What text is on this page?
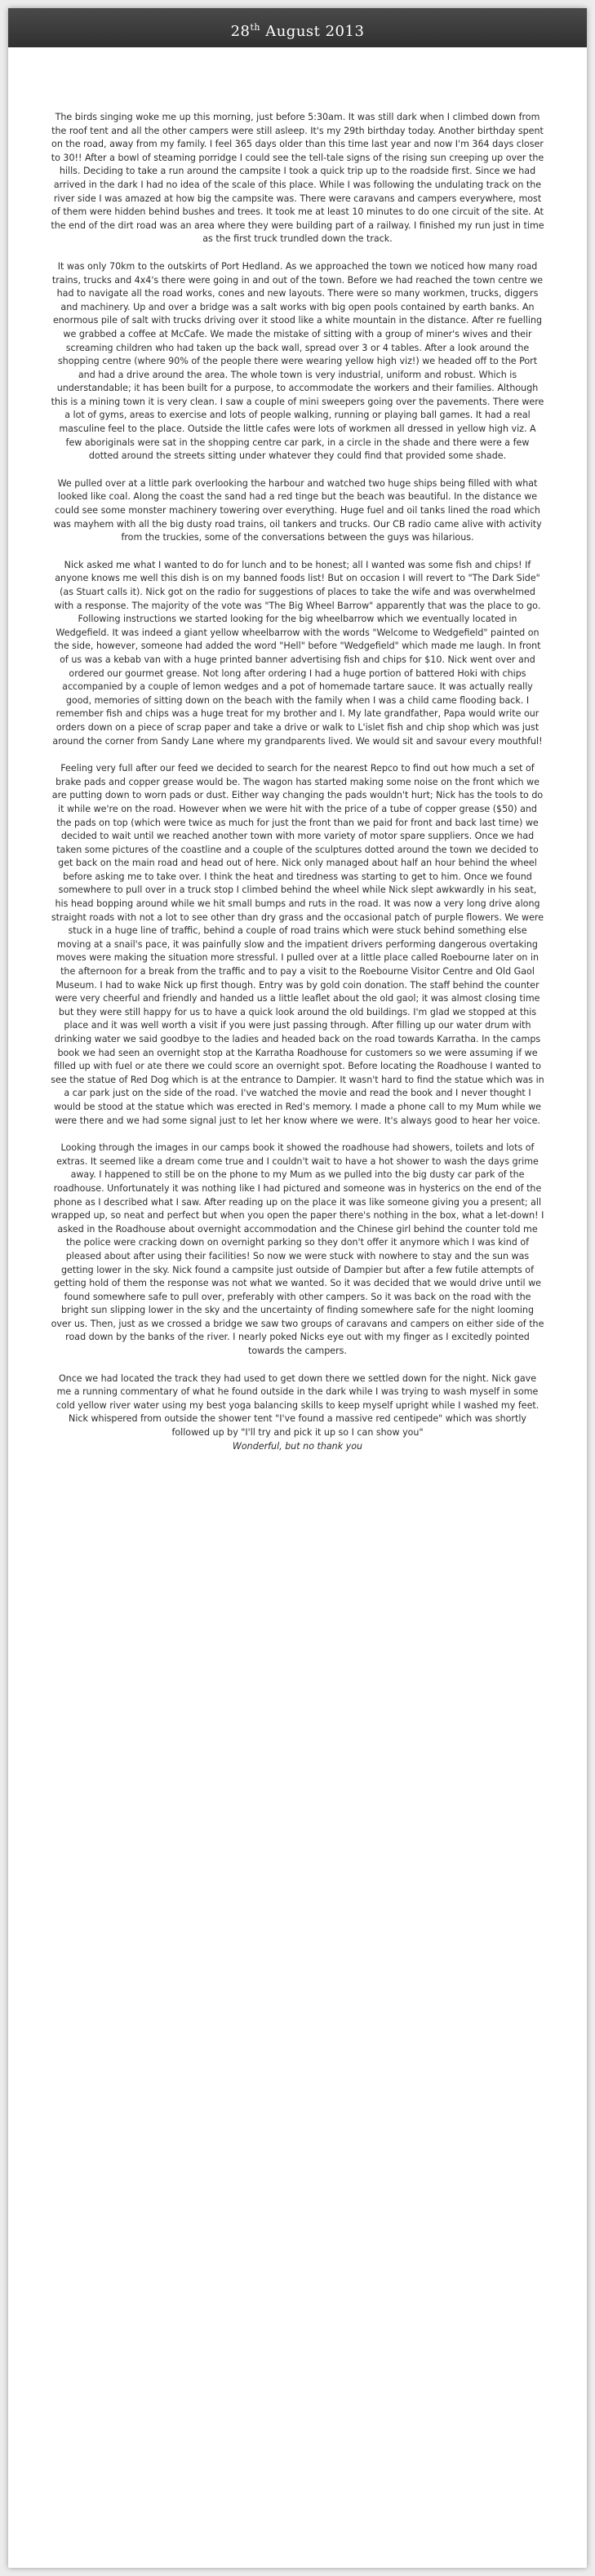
28th August 2013

The birds singing woke me up this morning, just before 5:30am. It was still dark when I climbed down from the roof tent and all the other campers were still asleep. It's my 29th birthday today. Another birthday spent on the road, away from my family. I feel 365 days older than this time last year and now I'm 364 days closer to 30!! After a bowl of steaming porridge I could see the tell-tale signs of the rising sun creeping up over the hills. Deciding to take a run around the campsite I took a quick trip up to the roadside first. Since we had arrived in the dark I had no idea of the scale of this place. While I was following the undulating track on the river side I was amazed at how big the campsite was. There were caravans and campers everywhere, most of them were hidden behind bushes and trees. It took me at least 10 minutes to do one circuit of the site. At the end of the dirt road was an area where they were building part of a railway. I finished my run just in time as the first truck trundled down the track.

It was only 70km to the outskirts of Port Hedland. As we approached the town we noticed how many road trains, trucks and 4x4's there were going in and out of the town. Before we had reached the town centre we had to navigate all the road works, cones and new layouts. There were so many workmen, trucks, diggers and machinery. Up and over a bridge was a salt works with big open pools contained by earth banks. An enormous pile of salt with trucks driving over it stood like a white mountain in the distance. After re fuelling we grabbed a coffee at McCafe. We made the mistake of sitting with a group of miner's wives and their screaming children who had taken up the back wall, spread over 3 or 4 tables. After a look around the shopping centre (where 90% of the people there were wearing yellow high viz!) we headed off to the Port and had a drive around the area. The whole town is very industrial, uniform and robust. Which is understandable; it has been built for a purpose, to accommodate the workers and their families. Although this is a mining town it is very clean. I saw a couple of mini sweepers going over the pavements. There were a lot of gyms, areas to exercise and lots of people walking, running or playing ball games. It had a real masculine feel to the place. Outside the little cafes were lots of workmen all dressed in yellow high viz. A few aboriginals were sat in the shopping centre car park, in a circle in the shade and there were a few dotted around the streets sitting under whatever they could find that provided some shade.

We pulled over at a little park overlooking the harbour and watched two huge ships being filled with what looked like coal. Along the coast the sand had a red tinge but the beach was beautiful. In the distance we could see some monster machinery towering over everything. Huge fuel and oil tanks lined the road which was mayhem with all the big dusty road trains, oil tankers and trucks. Our CB radio came alive with activity from the truckies, some of the conversations between the guys was hilarious.

Nick asked me what I wanted to do for lunch and to be honest; all I wanted was some fish and chips! If anyone knows me well this dish is on my banned foods list! But on occasion I will revert to "The Dark Side" (as Stuart calls it). Nick got on the radio for suggestions of places to take the wife and was overwhelmed with a response. The majority of the vote was "The Big Wheel Barrow" apparently that was the place to go. Following instructions we started looking for the big wheelbarrow which we eventually located in Wedgefield. It was indeed a giant yellow wheelbarrow with the words "Welcome to Wedgefield" painted on the side, however, someone had added the word "Hell" before "Wedgefield" which made me laugh. In front of us was a kebab van with a huge printed banner advertising fish and chips for $10. Nick went over and ordered our gourmet grease. Not long after ordering I had a huge portion of battered Hoki with chips accompanied by a couple of lemon wedges and a pot of homemade tartare sauce. It was actually really good, memories of sitting down on the beach with the family when I was a child came flooding back. I remember fish and chips was a huge treat for my brother and I. My late grandfather, Papa would write our orders down on a piece of scrap paper and take a drive or walk to L'islet fish and chip shop which was just around the corner from Sandy Lane where my grandparents lived. We would sit and savour every mouthful!

Feeling very full after our feed we decided to search for the nearest Repco to find out how much a set of brake pads and copper grease would be. The wagon has started making some noise on the front which we are putting down to worn pads or dust. Either way changing the pads wouldn't hurt; Nick has the tools to do it while we're on the road. However when we were hit with the price of a tube of copper grease ($50) and the pads on top (which were twice as much for just the front than we paid for front and back last time) we decided to wait until we reached another town with more variety of motor spare suppliers. Once we had taken some pictures of the coastline and a couple of the sculptures dotted around the town we decided to get back on the main road and head out of here. Nick only managed about half an hour behind the wheel before asking me to take over. I think the heat and tiredness was starting to get to him. Once we found somewhere to pull over in a truck stop I climbed behind the wheel while Nick slept awkwardly in his seat, his head bopping around while we hit small bumps and ruts in the road. It was now a very long drive along straight roads with not a lot to see other than dry grass and the occasional patch of purple flowers. We were stuck in a huge line of traffic, behind a couple of road trains which were stuck behind something else moving at a snail's pace, it was painfully slow and the impatient drivers performing dangerous overtaking moves were making the situation more stressful. I pulled over at a little place called Roebourne later on in the afternoon for a break from the traffic and to pay a visit to the Roebourne Visitor Centre and Old Gaol Museum. I had to wake Nick up first though. Entry was by gold coin donation. The staff behind the counter were very cheerful and friendly and handed us a little leaflet about the old gaol; it was almost closing time but they were still happy for us to have a quick look around the old buildings. I'm glad we stopped at this place and it was well worth a visit if you were just passing through. After filling up our water drum with drinking water we said goodbye to the ladies and headed back on the road towards Karratha. In the camps book we had seen an overnight stop at the Karratha Roadhouse for customers so we were assuming if we filled up with fuel or ate there we could score an overnight spot. Before locating the Roadhouse I wanted to see the statue of Red Dog which is at the entrance to Dampier. It wasn't hard to find the statue which was in a car park just on the side of the road. I've watched the movie and read the book and I never thought I would be stood at the statue which was erected in Red's memory. I made a phone call to my Mum while we were there and we had some signal just to let her know where we were. It's always good to hear her voice.

Looking through the images in our camps book it showed the roadhouse had showers, toilets and lots of extras. It seemed like a dream come true and I couldn't wait to have a hot shower to wash the days grime away. I happened to still be on the phone to my Mum as we pulled into the big dusty car park of the roadhouse. Unfortunately it was nothing like I had pictured and someone was in hysterics on the end of the phone as I described what I saw. After reading up on the place it was like someone giving you a present; all wrapped up, so neat and perfect but when you open the paper there's nothing in the box, what a let-down! I asked in the Roadhouse about overnight accommodation and the Chinese girl behind the counter told me the police were cracking down on overnight parking so they don't offer it anymore which I was kind of pleased about after using their facilities! So now we were stuck with nowhere to stay and the sun was getting lower in the sky. Nick found a campsite just outside of Dampier but after a few futile attempts of getting hold of them the response was not what we wanted. So it was decided that we would drive until we found somewhere safe to pull over, preferably with other campers. So it was back on the road with the bright sun slipping lower in the sky and the uncertainty of finding somewhere safe for the night looming over us. Then, just as we crossed a bridge we saw two groups of caravans and campers on either side of the road down by the banks of the river. I nearly poked Nicks eye out with my finger as I excitedly pointed towards the campers.

Once we had located the track they had used to get down there we settled down for the night. Nick gave me a running commentary of what he found outside in the dark while I was trying to wash myself in some cold yellow river water using my best yoga balancing skills to keep myself upright while I washed my feet. Nick whispered from outside the shower tent "I've found a massive red centipede" which was shortly followed up by "I'll try and pick it up so I can show you"
Wonderful, but no thank you
